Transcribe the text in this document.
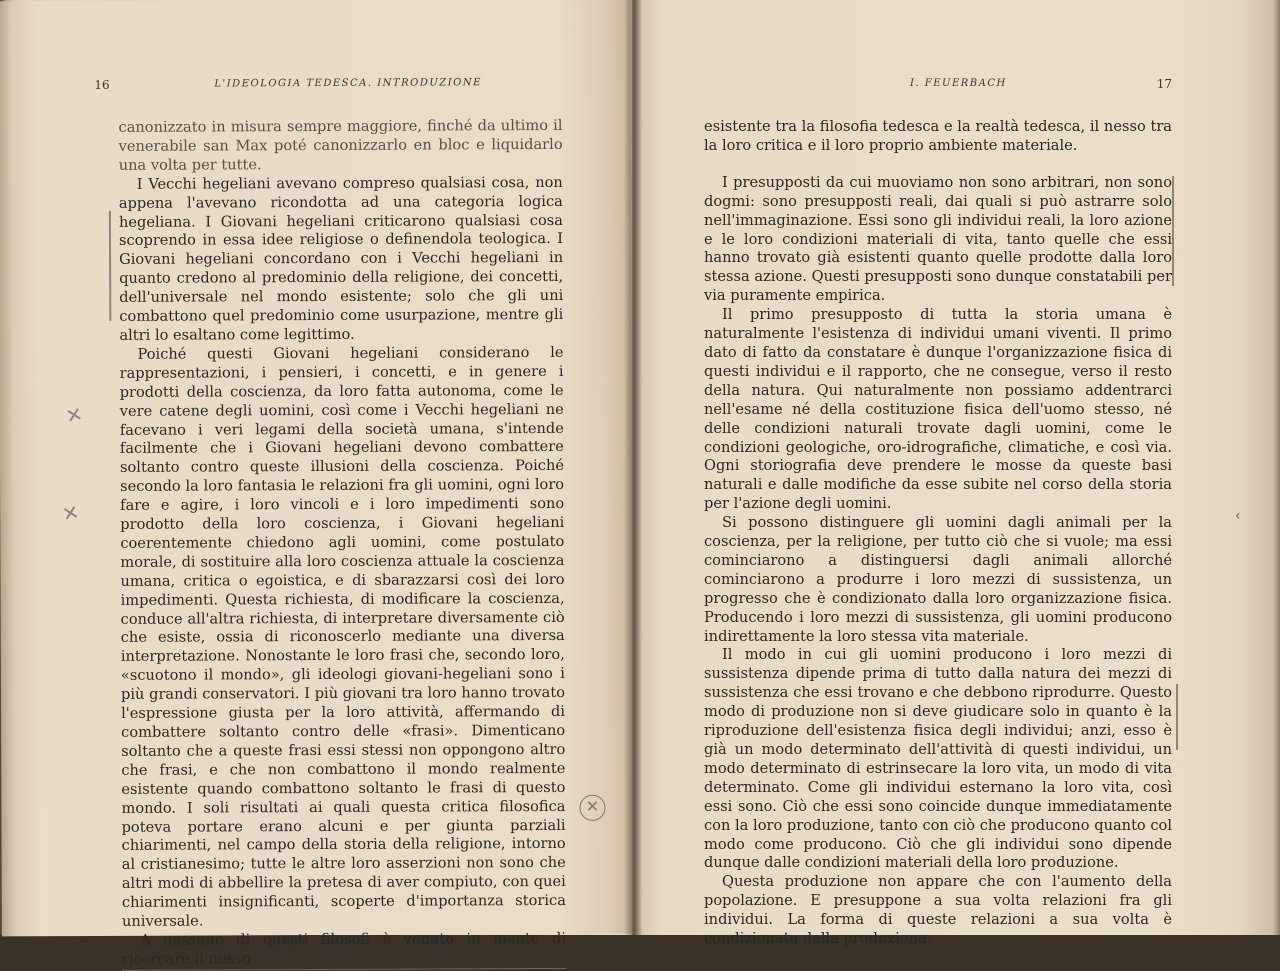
16	L'IDEOLOGIA TEDESCA. INTRODUZIONE

canonizzato in misura sempre maggiore, finché da ultimo il venerabile san Max poté canonizzarlo en bloc e liquidarlo una volta per tutte.

I Vecchi hegeliani avevano compreso qualsiasi cosa, non appena l'avevano ricondotta ad una categoria logica hegeliana. I Giovani hegeliani criticarono qualsiasi cosa scoprendo in essa idee religiose o definendola teologica. I Giovani hegeliani concordano con i Vecchi hegeliani in quanto credono al predominio della religione, dei concetti, dell'universale nel mondo esistente; solo che gli uni combattono quel predominio come usurpazione, mentre gli altri lo esaltano come legittimo.

Poiché questi Giovani hegeliani considerano le rappresentazioni, i pensieri, i concetti, e in genere i prodotti della coscienza, da loro fatta autonoma, come le vere catene degli uomini, così come i Vecchi hegeliani ne facevano i veri legami della società umana, s'intende facilmente che i Giovani hegeliani devono combattere soltanto contro queste illusioni della coscienza. Poiché secondo la loro fantasia le relazioni fra gli uomini, ogni loro fare e agire, i loro vincoli e i loro impedimenti sono prodotto della loro coscienza, i Giovani hegeliani coerentemente chiedono agli uomini, come postulato morale, di sostituire alla loro coscienza attuale la coscienza umana, critica o egoistica, e di sbarazzarsi così dei loro impedimenti. Questa richiesta, di modificare la coscienza, conduce all'altra richiesta, di interpretare diversamente ciò che esiste, ossia di riconoscerlo mediante una diversa interpretazione. Nonostante le loro frasi che, secondo loro, «scuotono il mondo», gli ideologi giovani-hegeliani sono i più grandi conservatori. I più giovani tra loro hanno trovato l'espressione giusta per la loro attività, affermando di combattere soltanto contro delle «frasi». Dimenticano soltanto che a queste frasi essi stessi non oppongono altro che frasi, e che non combattono il mondo realmente esistente quando combattono soltanto le frasi di questo mondo. I soli risultati ai quali questa critica filosofica poteva portare erano alcuni e per giunta parziali chiarimenti, nel campo della storia della religione, intorno al cristianesimo; tutte le altre loro asserzioni non sono che altri modi di abbellire la pretesa di aver compiuto, con quei chiarimenti insignificanti, scoperte d'importanza storica universale.

A nessuno di questi filosofi è venuto in mente di ricercare il nesso

✕
✕
✕
I. FEUERBACH	17

esistente tra la filosofia tedesca e la realtà tedesca, il nesso tra la loro critica e il loro proprio ambiente materiale.

I presupposti da cui muoviamo non sono arbitrari, non sono dogmi: sono presupposti reali, dai quali si può astrarre solo nell'immaginazione. Essi sono gli individui reali, la loro azione e le loro condizioni materiali di vita, tanto quelle che essi hanno trovato già esistenti quanto quelle prodotte dalla loro stessa azione. Questi presupposti sono dunque constatabili per via puramente empirica.

Il primo presupposto di tutta la storia umana è naturalmente l'esistenza di individui umani viventi. Il primo dato di fatto da constatare è dunque l'organizzazione fisica di questi individui e il rapporto, che ne consegue, verso il resto della natura. Qui naturalmente non possiamo addentrarci nell'esame né della costituzione fisica dell'uomo stesso, né delle condizioni naturali trovate dagli uomini, come le condizioni geologiche, oro-idrografiche, climatiche, e così via. Ogni storiografia deve prendere le mosse da queste basi naturali e dalle modifiche da esse subite nel corso della storia per l'azione degli uomini.

Si possono distinguere gli uomini dagli animali per la coscienza, per la religione, per tutto ciò che si vuole; ma essi cominciarono a distinguersi dagli animali allorché cominciarono a produrre i loro mezzi di sussistenza, un progresso che è condizionato dalla loro organizzazione fisica. Producendo i loro mezzi di sussistenza, gli uomini producono indirettamente la loro stessa vita materiale.

Il modo in cui gli uomini producono i loro mezzi di sussistenza dipende prima di tutto dalla natura dei mezzi di sussistenza che essi trovano e che debbono riprodurre. Questo modo di produzione non si deve giudicare solo in quanto è la riproduzione dell'esistenza fisica degli individui; anzi, esso è già un modo determinato dell'attività di questi individui, un modo determinato di estrinsecare la loro vita, un modo di vita determinato. Come gli individui esternano la loro vita, così essi sono. Ciò che essi sono coincide dunque immediatamente con la loro produzione, tanto con ciò che producono quanto col modo come producono. Ciò che gli individui sono dipende dunque dalle condizioni materiali della loro produzione.

Questa produzione non appare che con l'aumento della popolazione. E presuppone a sua volta relazioni fra gli individui. La forma di queste relazioni a sua volta è condizionata dalla produzione.

‹
